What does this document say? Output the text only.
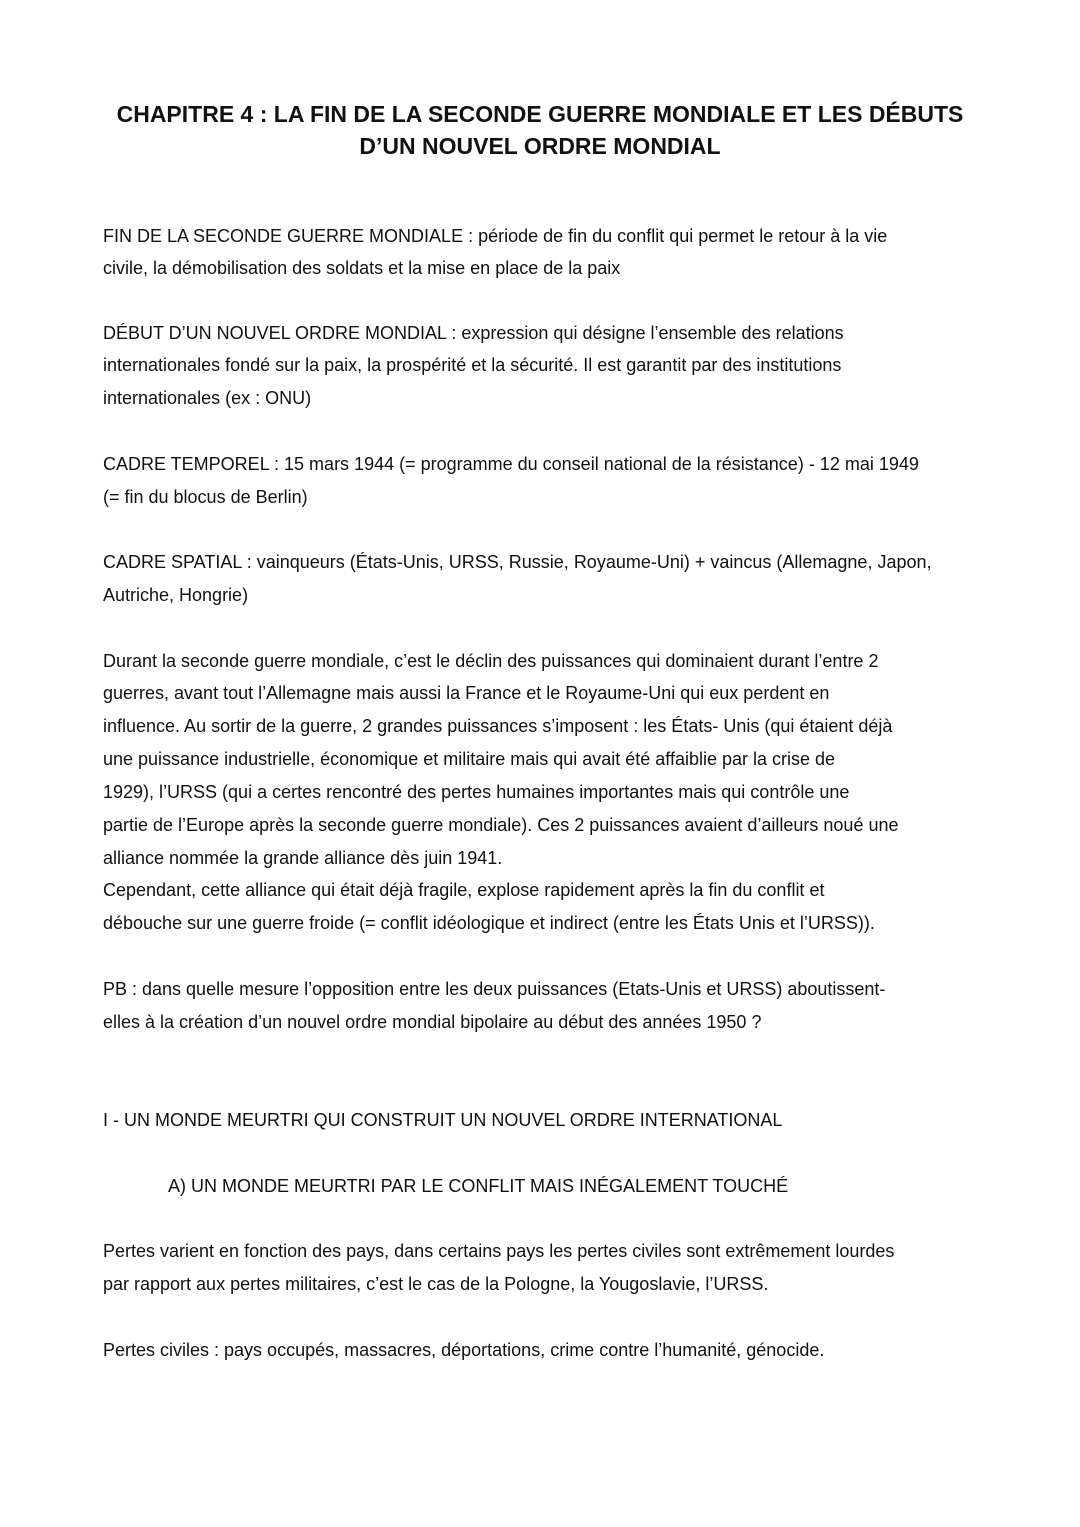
CHAPITRE 4 : LA FIN DE LA SECONDE GUERRE MONDIALE ET LES DÉBUTS
D’UN NOUVEL ORDRE MONDIAL
FIN DE LA SECONDE GUERRE MONDIALE : période de fin du conflit qui permet le retour à la vie
civile, la démobilisation des soldats et la mise en place de la paix
DÉBUT D’UN NOUVEL ORDRE MONDIAL : expression qui désigne l’ensemble des relations
internationales fondé sur la paix, la prospérité et la sécurité. Il est garantit par des institutions
internationales (ex : ONU)
CADRE TEMPOREL : 15 mars 1944 (= programme du conseil national de la résistance) - 12 mai 1949
(= fin du blocus de Berlin)
CADRE SPATIAL : vainqueurs (États-Unis, URSS, Russie, Royaume-Uni) + vaincus (Allemagne, Japon,
Autriche, Hongrie)
Durant la seconde guerre mondiale, c’est le déclin des puissances qui dominaient durant l’entre 2
guerres, avant tout l’Allemagne mais aussi la France et le Royaume-Uni qui eux perdent en
influence. Au sortir de la guerre, 2 grandes puissances s’imposent : les États- Unis (qui étaient déjà
une puissance industrielle, économique et militaire mais qui avait été affaiblie par la crise de
1929), l’URSS (qui a certes rencontré des pertes humaines importantes mais qui contrôle une
partie de l’Europe après la seconde guerre mondiale). Ces 2 puissances avaient d’ailleurs noué une
alliance nommée la grande alliance dès juin 1941.
Cependant, cette alliance qui était déjà fragile, explose rapidement après la fin du conflit et
débouche sur une guerre froide (= conflit idéologique et indirect (entre les États Unis et l’URSS)).
PB : dans quelle mesure l’opposition entre les deux puissances (Etats-Unis et URSS) aboutissent-
elles à la création d’un nouvel ordre mondial bipolaire au début des années 1950 ?
I - UN MONDE MEURTRI QUI CONSTRUIT UN NOUVEL ORDRE INTERNATIONAL
A) UN MONDE MEURTRI PAR LE CONFLIT MAIS INÉGALEMENT TOUCHÉ
Pertes varient en fonction des pays, dans certains pays les pertes civiles sont extrêmement lourdes
par rapport aux pertes militaires, c’est le cas de la Pologne, la Yougoslavie, l’URSS.
Pertes civiles : pays occupés, massacres, déportations, crime contre l’humanité, génocide.
